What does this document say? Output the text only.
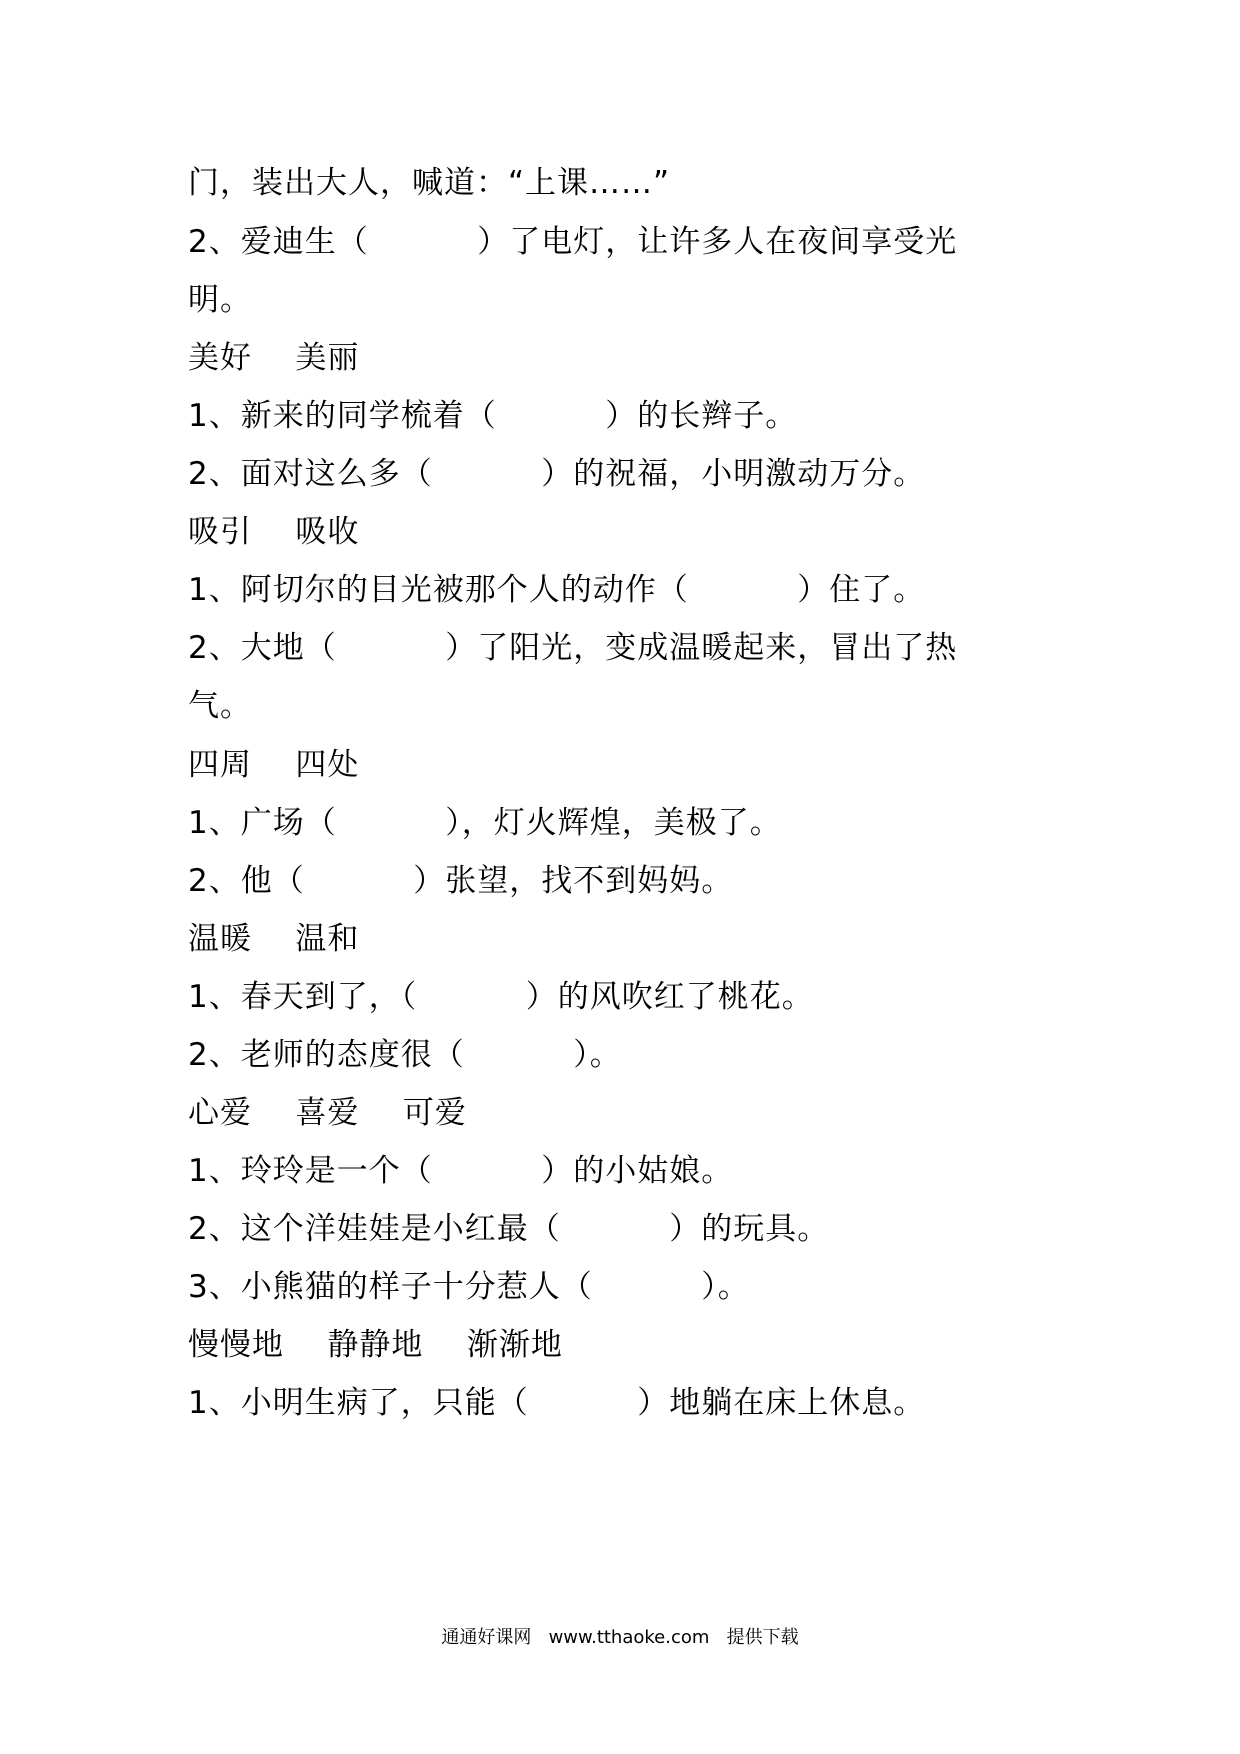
门，装出大人，喊道：“上课……”
2、爱迪生（          ）了电灯，让许多人在夜间享受光
明。
美好    美丽
1、新来的同学梳着（          ）的长辫子。
2、面对这么多（          ）的祝福，小明激动万分。
吸引    吸收
1、阿切尔的目光被那个人的动作（          ）住了。
2、大地（          ）了阳光，变成温暖起来，冒出了热
气。
四周    四处
1、广场（          ），灯火辉煌，美极了。
2、他（          ）张望，找不到妈妈。
温暖    温和
1、春天到了，（          ）的风吹红了桃花。
2、老师的态度很（          ）。
心爱    喜爱    可爱
1、玲玲是一个（          ）的小姑娘。
2、这个洋娃娃是小红最（          ）的玩具。
3、小熊猫的样子十分惹人（          ）。
慢慢地    静静地    渐渐地
1、小明生病了，只能（          ）地躺在床上休息。
通通好课网   www.tthaoke.com   提供下载
